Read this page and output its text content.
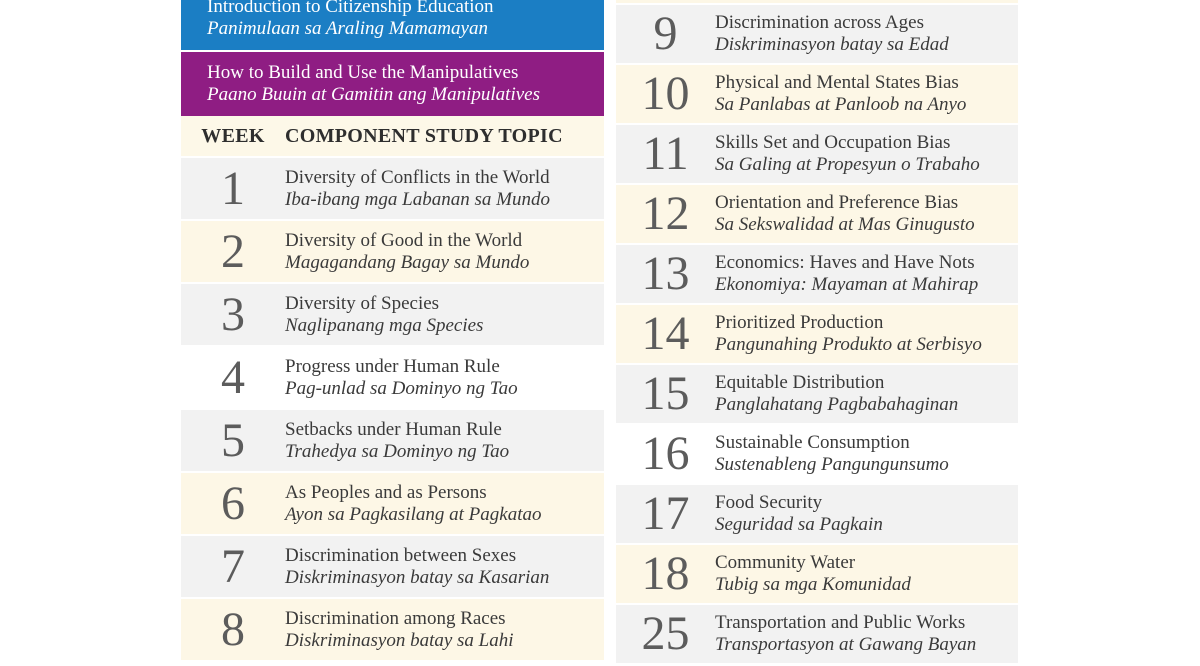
Introduction to Citizenship Education
Panimulaan sa Araling Mamamayan
How to Build and Use the Manipulatives
Paano Buuin at Gamitin ang Manipulatives
WEEK	COMPONENT STUDY TOPIC
1	Diversity of Conflicts in the World
Iba-ibang mga Labanan sa Mundo
2	Diversity of Good in the World
Magagandang Bagay sa Mundo
3	Diversity of Species
Naglipanang mga Species
4	Progress under Human Rule
Pag-unlad sa Dominyo ng Tao
5	Setbacks under Human Rule
Trahedya sa Dominyo ng Tao
6	As Peoples and as Persons
Ayon sa Pagkasilang at Pagkatao
7	Discrimination between Sexes
Diskriminasyon batay sa Kasarian
8	Discrimination among Races
Diskriminasyon batay sa Lahi
9	Discrimination across Ages
Diskriminasyon batay sa Edad
10	Physical and Mental States Bias
Sa Panlabas at Panloob na Anyo
11	Skills Set and Occupation Bias
Sa Galing at Propesyun o Trabaho
12	Orientation and Preference Bias
Sa Sekswalidad at Mas Ginugusto
13	Economics: Haves and Have Nots
Ekonomiya: Mayaman at Mahirap
14	Prioritized Production
Pangunahing Produkto at Serbisyo
15	Equitable Distribution
Panglahatang Pagbabahaginan
16	Sustainable Consumption
Sustenableng Pangungunsumo
17	Food Security
Seguridad sa Pagkain
18	Community Water
Tubig sa mga Komunidad
25	Transportation and Public Works
Transportasyon at Gawang Bayan
